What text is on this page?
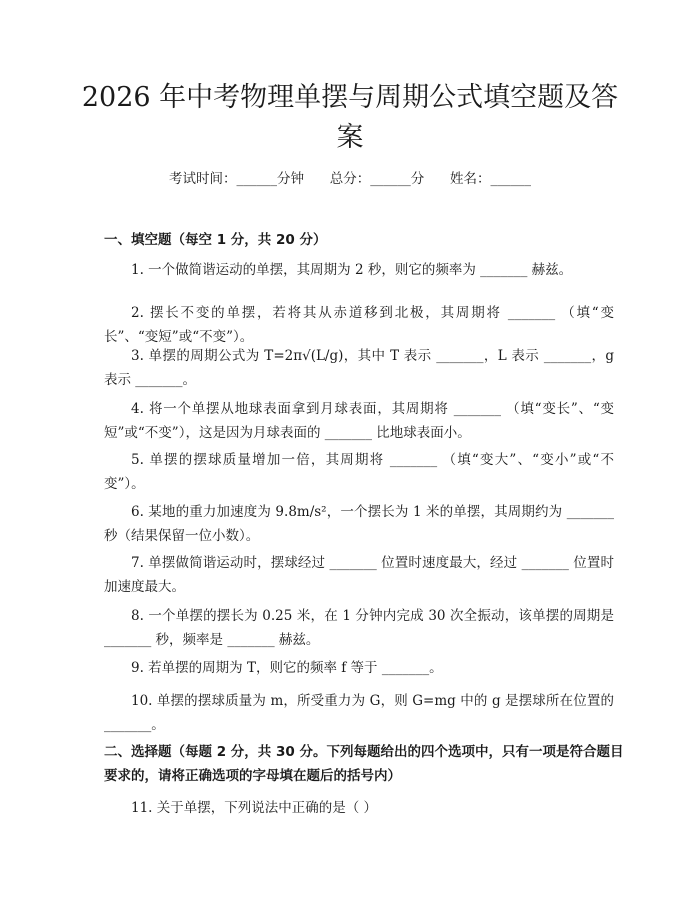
2026 年中考物理单摆与周期公式填空题及答案
考试时间：______分钟      总分：______分      姓名：______
一、填空题（每空 1 分，共 20 分）

1. 一个做简谐运动的单摆，其周期为 2 秒，则它的频率为 _______ 赫兹。

2. 摆长不变的单摆，若将其从赤道移到北极，其周期将 _______ （填“变长”、“变短”或“不变”）。

3. 单摆的周期公式为 T=2π√(L/g)，其中 T 表示 _______，L 表示 _______，g 表示 _______。

4. 将一个单摆从地球表面拿到月球表面，其周期将 _______ （填“变长”、“变短”或“不变”），这是因为月球表面的 _______ 比地球表面小。

5. 单摆的摆球质量增加一倍，其周期将 _______ （填“变大”、“变小”或“不变”）。

6. 某地的重力加速度为 9.8m/s²，一个摆长为 1 米的单摆，其周期约为 _______ 秒（结果保留一位小数）。

7. 单摆做简谐运动时，摆球经过 _______ 位置时速度最大，经过 _______ 位置时加速度最大。

8. 一个单摆的摆长为 0.25 米，在 1 分钟内完成 30 次全振动，该单摆的周期是 _______ 秒，频率是 _______ 赫兹。

9. 若单摆的周期为 T，则它的频率 f 等于 _______。

10. 单摆的摆球质量为 m，所受重力为 G，则 G=mg 中的 g 是摆球所在位置的 _______。

二、选择题（每题 2 分，共 30 分。下列每题给出的四个选项中，只有一项是符合题目要求的，请将正确选项的字母填在题后的括号内）

11. 关于单摆，下列说法中正确的是（ ）
